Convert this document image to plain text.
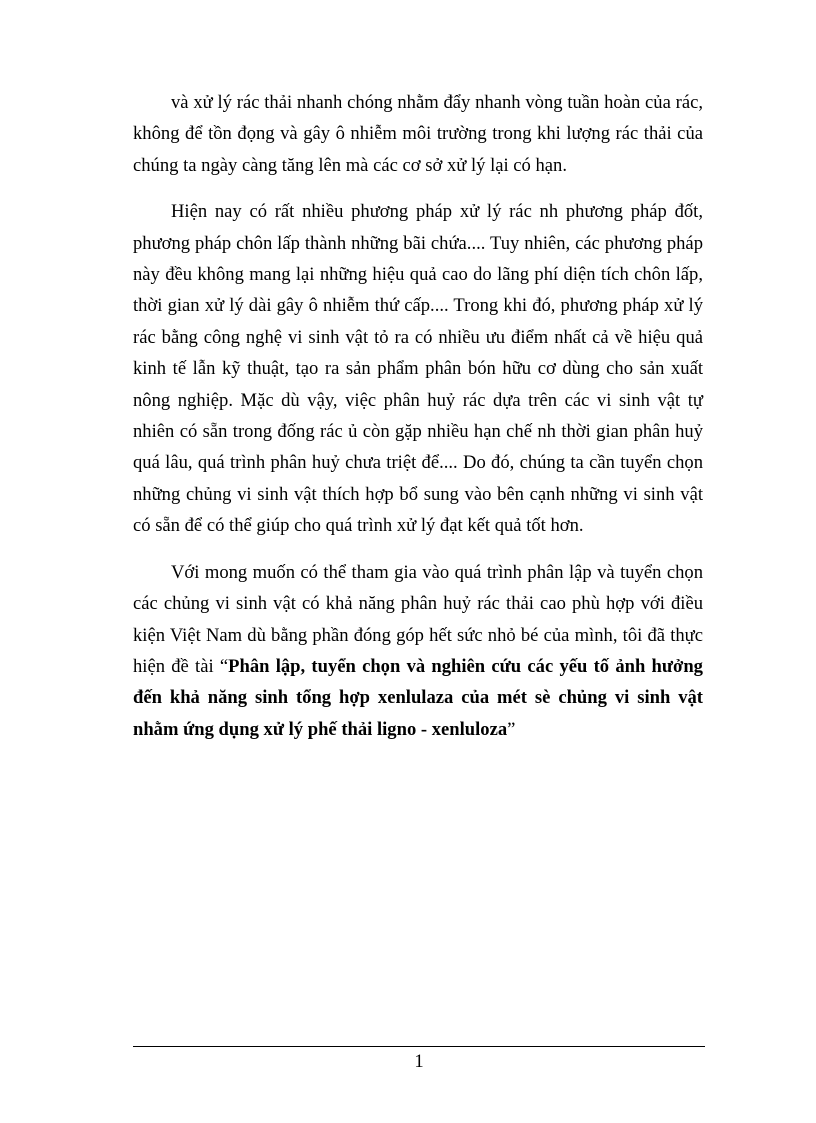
và xử lý rác thải nhanh chóng nhằm đẩy nhanh vòng tuần hoàn của rác, không để tồn đọng và gây ô nhiễm môi trường trong khi lượng rác thải của chúng ta ngày càng tăng lên mà các cơ sở xử lý lại có hạn.

Hiện nay có rất nhiều phương pháp xử lý rác nh phương pháp đốt, phương pháp chôn lấp thành những bãi chứa.... Tuy nhiên, các phương pháp này đều không mang lại những hiệu quả cao do lãng phí diện tích chôn lấp, thời gian xử lý dài gây ô nhiễm thứ cấp.... Trong khi đó, phương pháp xử lý rác bằng công nghệ vi sinh vật tỏ ra có nhiều ưu điểm nhất cả về hiệu quả kinh tế lẫn kỹ thuật, tạo ra sản phẩm phân bón hữu cơ dùng cho sản xuất nông nghiệp. Mặc dù vậy, việc phân huỷ rác dựa trên các vi sinh vật tự nhiên có sẵn trong đống rác ủ còn gặp nhiều hạn chế nh thời gian phân huỷ quá lâu, quá trình phân huỷ chưa triệt để.... Do đó, chúng ta cần tuyển chọn những chủng vi sinh vật thích hợp bổ sung vào bên cạnh những vi sinh vật có sẵn để có thể giúp cho quá trình xử lý đạt kết quả tốt hơn.

Với mong muốn có thể tham gia vào quá trình phân lập và tuyển chọn các chủng vi sinh vật có khả năng phân huỷ rác thải cao phù hợp với điều kiện Việt Nam dù bằng phần đóng góp hết sức nhỏ bé của mình, tôi đã thực hiện đề tài “Phân lập, tuyển chọn và nghiên cứu các yếu tố ảnh hưởng đến khả năng sinh tổng hợp xenlulaza của mét sè chủng vi sinh vật nhằm ứng dụng xử lý phế thải ligno - xenluloza”

1
